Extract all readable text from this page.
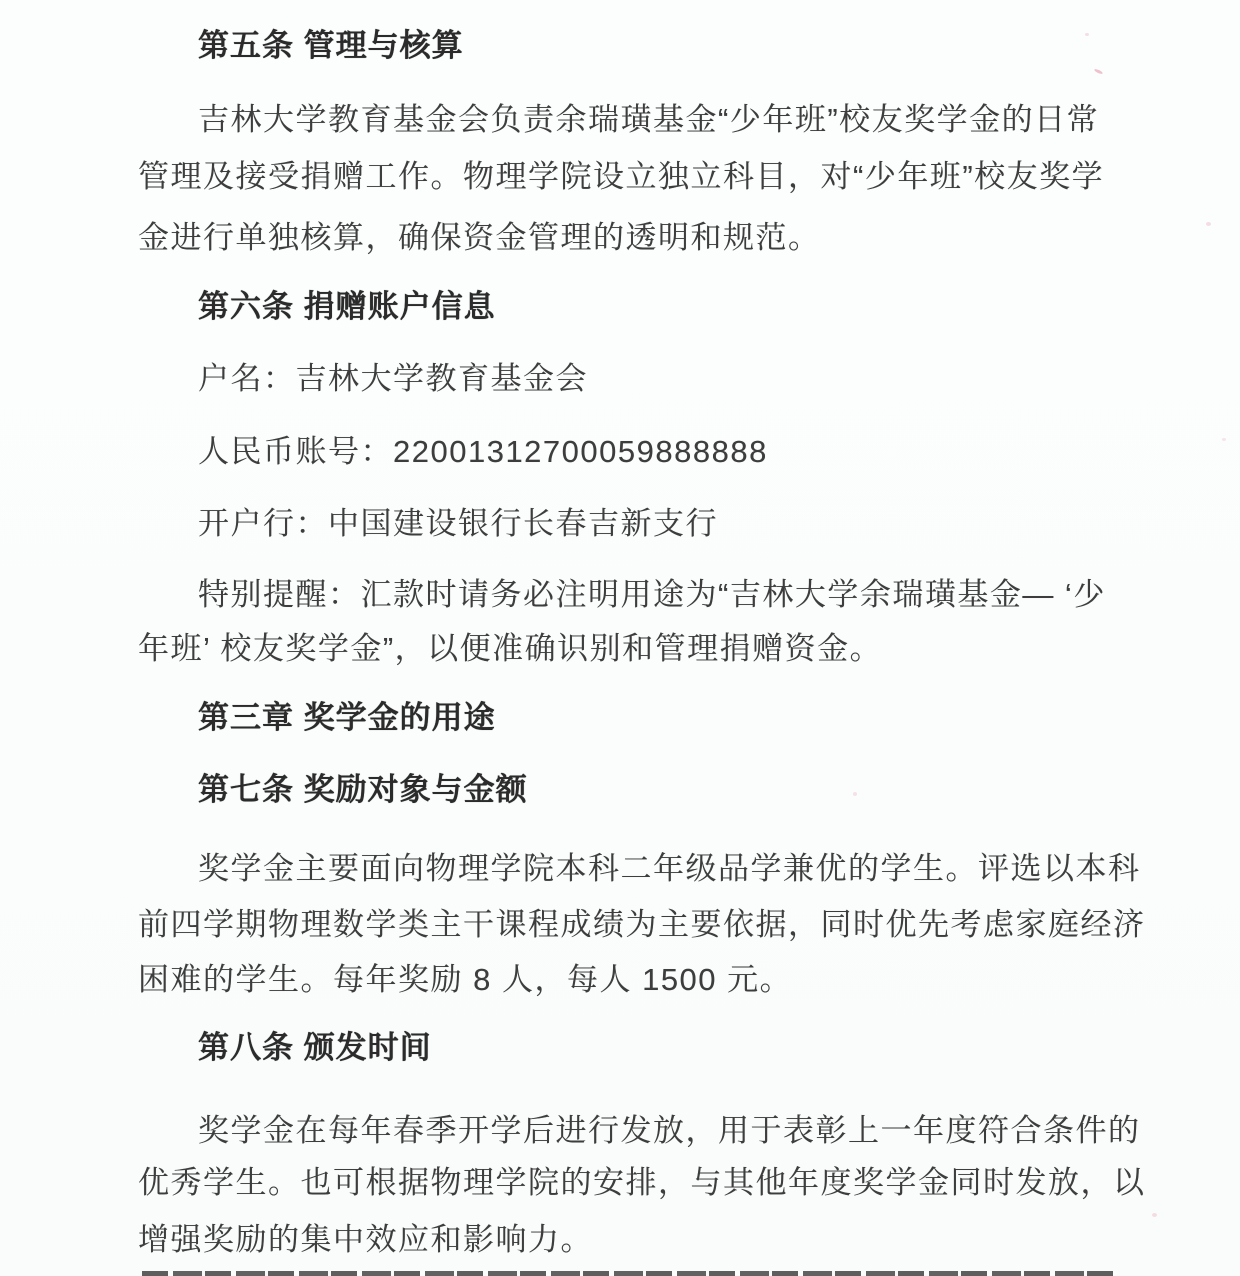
第五条 管理与核算
吉林大学教育基金会负责余瑞璜基金“少年班”校友奖学金的日常
管理及接受捐赠工作。物理学院设立独立科目，对“少年班”校友奖学
金进行单独核算，确保资金管理的透明和规范。
第六条 捐赠账户信息
户名：吉林大学教育基金会
人民币账号：22001312700059888888
开户行：中国建设银行长春吉新支行
特别提醒：汇款时请务必注明用途为“吉林大学余瑞璜基金— ‘少
年班’ 校友奖学金”，以便准确识别和管理捐赠资金。
第三章 奖学金的用途
第七条 奖励对象与金额
奖学金主要面向物理学院本科二年级品学兼优的学生。评选以本科
前四学期物理数学类主干课程成绩为主要依据，同时优先考虑家庭经济
困难的学生。每年奖励 8 人，每人 1500 元。
第八条 颁发时间
奖学金在每年春季开学后进行发放，用于表彰上一年度符合条件的
优秀学生。也可根据物理学院的安排，与其他年度奖学金同时发放，以
增强奖励的集中效应和影响力。
